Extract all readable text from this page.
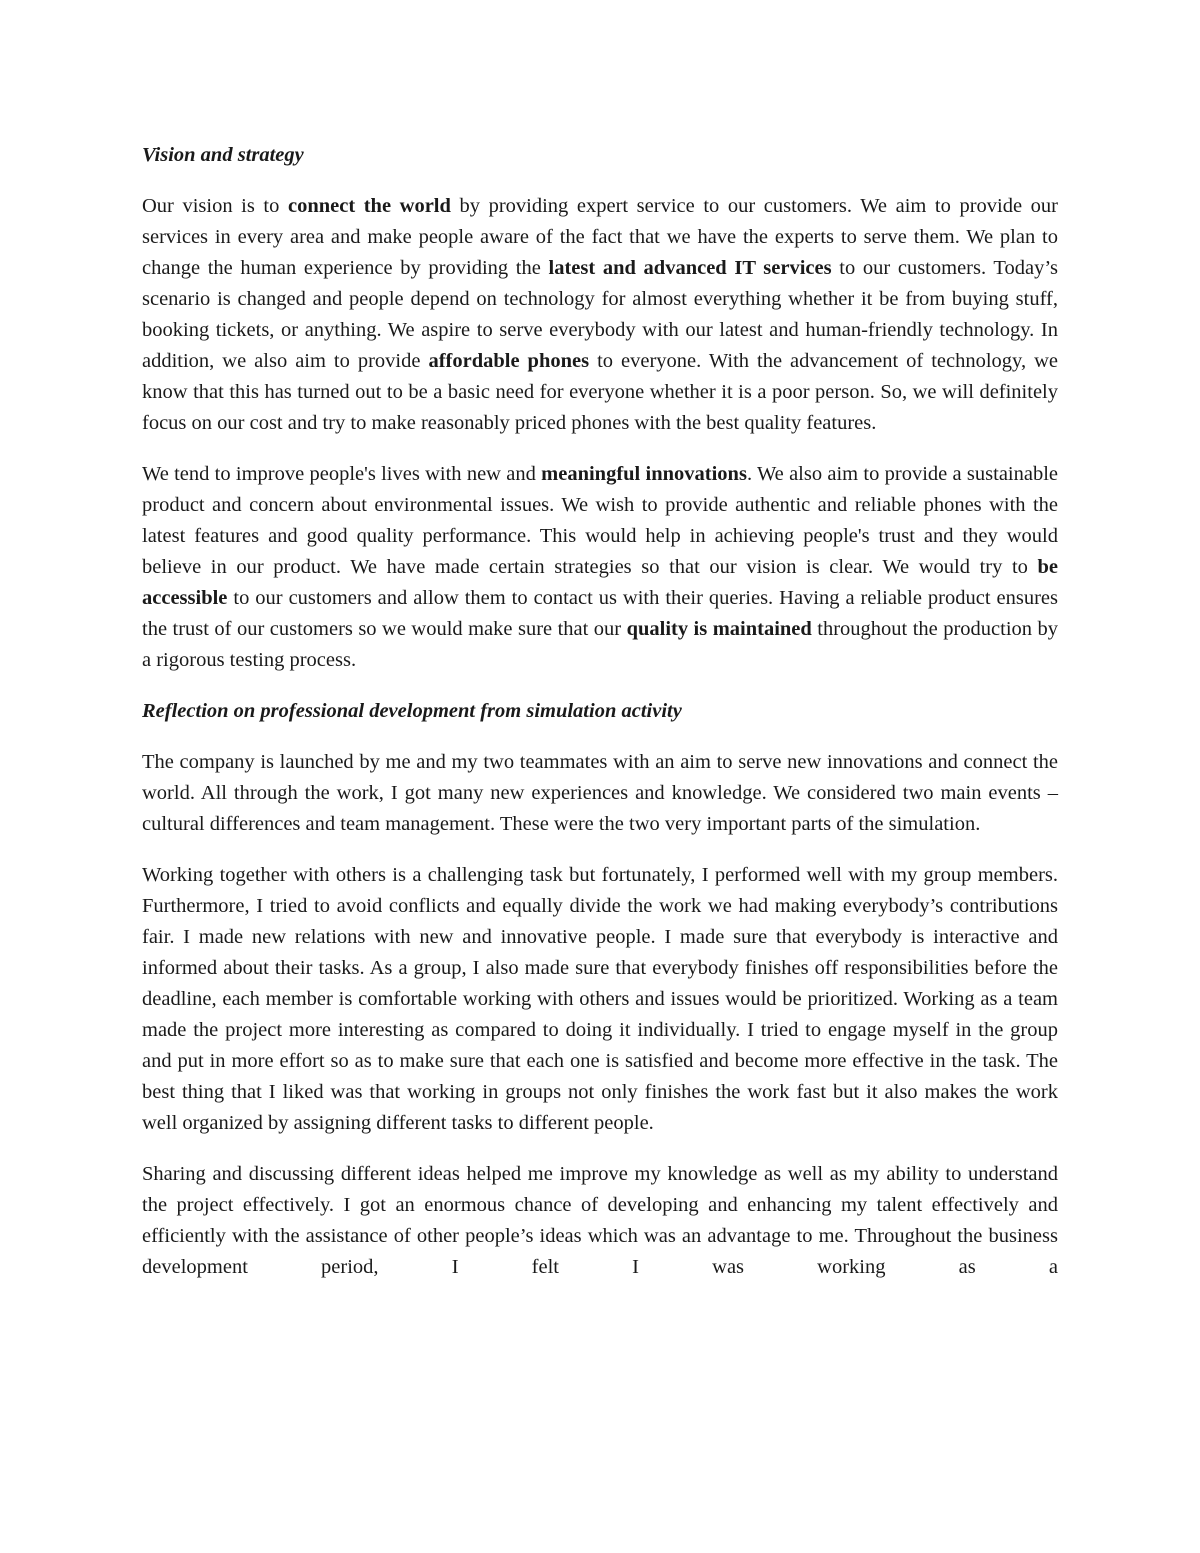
Vision and strategy

Our vision is to connect the world by providing expert service to our customers. We aim to provide our services in every area and make people aware of the fact that we have the experts to serve them. We plan to change the human experience by providing the latest and advanced IT services to our customers. Today’s scenario is changed and people depend on technology for almost everything whether it be from buying stuff, booking tickets, or anything. We aspire to serve everybody with our latest and human-friendly technology. In addition, we also aim to provide affordable phones to everyone. With the advancement of technology, we know that this has turned out to be a basic need for everyone whether it is a poor person. So, we will definitely focus on our cost and try to make reasonably priced phones with the best quality features.

We tend to improve people's lives with new and meaningful innovations. We also aim to provide a sustainable product and concern about environmental issues. We wish to provide authentic and reliable phones with the latest features and good quality performance. This would help in achieving people's trust and they would believe in our product. We have made certain strategies so that our vision is clear. We would try to be accessible to our customers and allow them to contact us with their queries. Having a reliable product ensures the trust of our customers so we would make sure that our quality is maintained throughout the production by a rigorous testing process.

Reflection on professional development from simulation activity

The company is launched by me and my two teammates with an aim to serve new innovations and connect the world. All through the work, I got many new experiences and knowledge. We considered two main events – cultural differences and team management. These were the two very important parts of the simulation.

Working together with others is a challenging task but fortunately, I performed well with my group members. Furthermore, I tried to avoid conflicts and equally divide the work we had making everybody’s contributions fair. I made new relations with new and innovative people. I made sure that everybody is interactive and informed about their tasks. As a group, I also made sure that everybody finishes off responsibilities before the deadline, each member is comfortable working with others and issues would be prioritized. Working as a team made the project more interesting as compared to doing it individually. I tried to engage myself in the group and put in more effort so as to make sure that each one is satisfied and become more effective in the task. The best thing that I liked was that working in groups not only finishes the work fast but it also makes the work well organized by assigning different tasks to different people.

Sharing and discussing different ideas helped me improve my knowledge as well as my ability to understand the project effectively. I got an enormous chance of developing and enhancing my talent effectively and efficiently with the assistance of other people’s ideas which was an advantage to me. Throughout the business development period, I felt I was working as a
